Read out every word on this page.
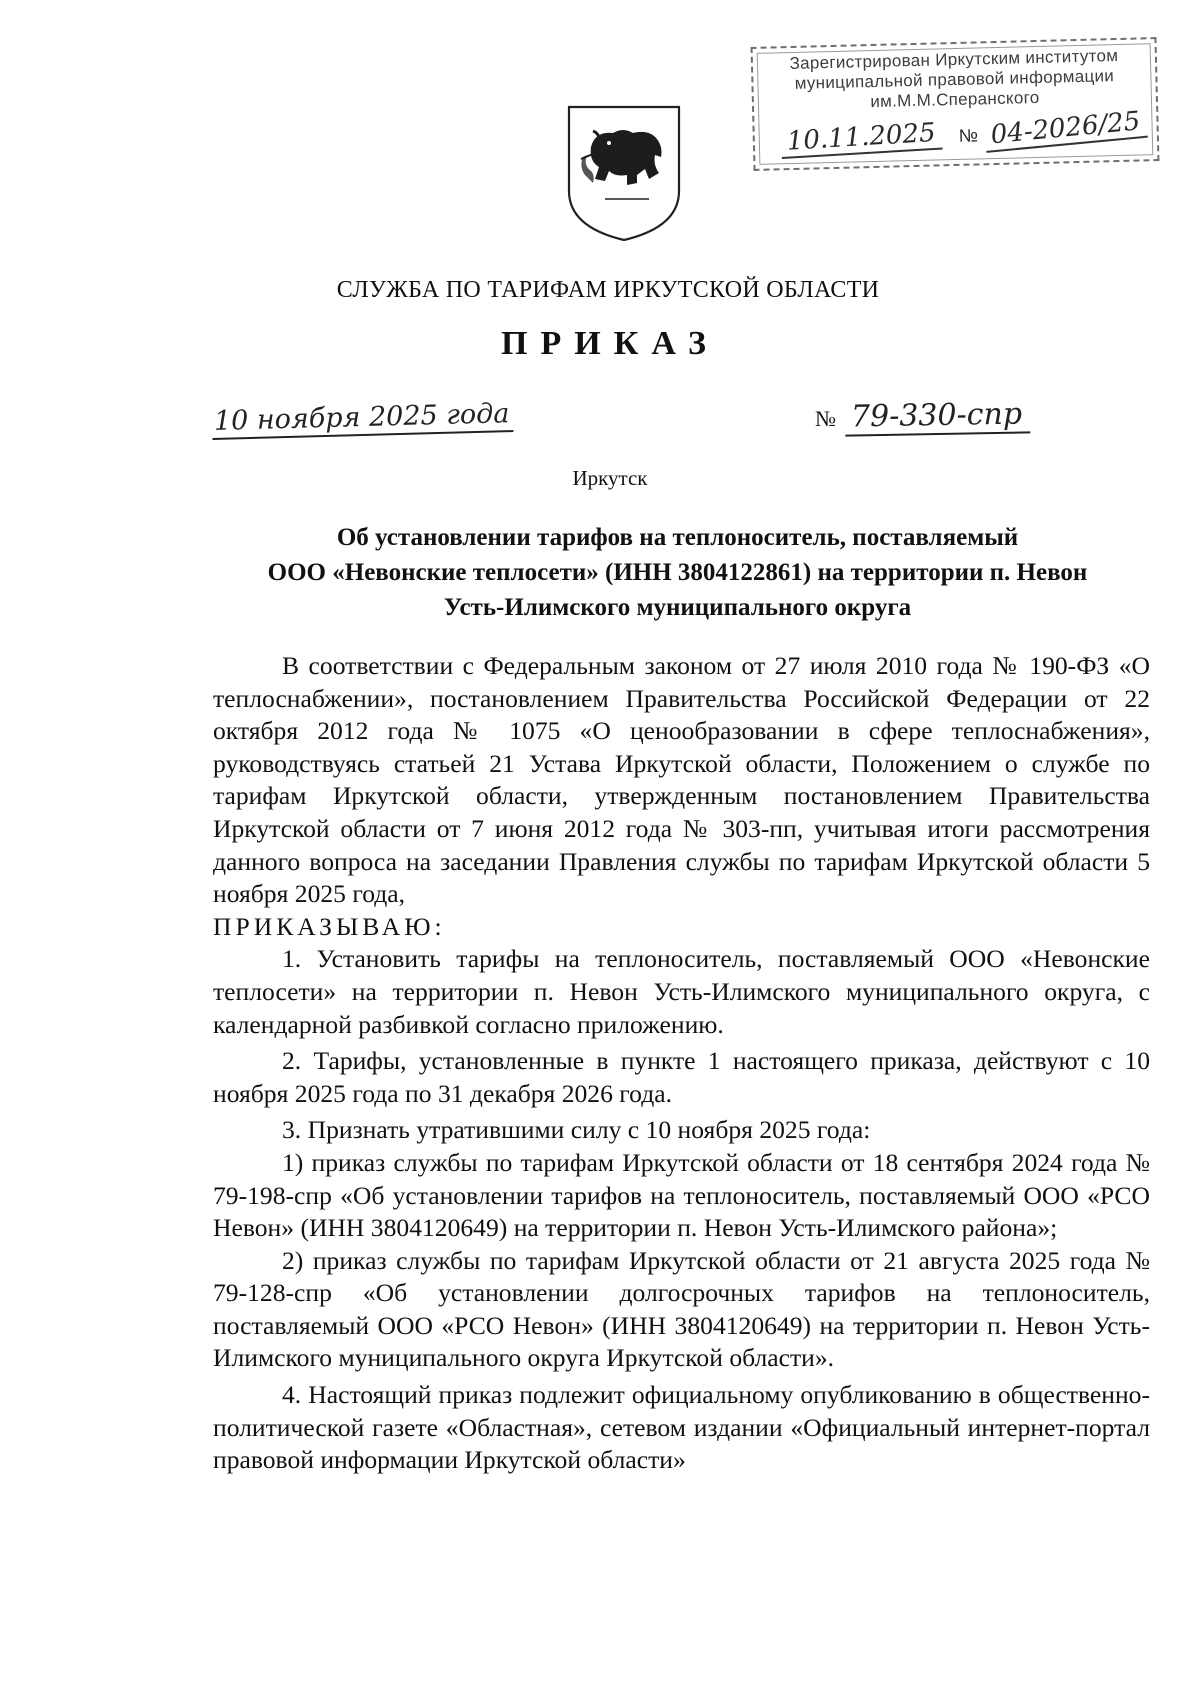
Зарегистрирован Иркутским институтом
муниципальной правовой информации
им.М.М.Сперанского
10.11.2025	№ 04-2026/25
СЛУЖБА ПО ТАРИФАМ ИРКУТСКОЙ ОБЛАСТИ
ПРИКАЗ
10 ноября 2025 года	№ 79-330-спр
Иркутск
Об установлении тарифов на теплоноситель, поставляемый
ООО «Невонские теплосети» (ИНН 3804122861) на территории п. Невон
Усть-Илимского муниципального округа

В соответствии с Федеральным законом от 27 июля 2010 года № 190-ФЗ «О теплоснабжении», постановлением Правительства Российской Федерации от 22 октября 2012 года № 1075 «О ценообразовании в сфере теплоснабжения», руководствуясь статьей 21 Устава Иркутской области, Положением о службе по тарифам Иркутской области, утвержденным постановлением Правительства Иркутской области от 7 июня 2012 года № 303-пп, учитывая итоги рассмотрения данного вопроса на заседании Правления службы по тарифам Иркутской области 5 ноября 2025 года,

ПРИКАЗЫВАЮ:

1. Установить тарифы на теплоноситель, поставляемый ООО «Невонские теплосети» на территории п. Невон Усть-Илимского муниципального округа, с календарной разбивкой согласно приложению.

2. Тарифы, установленные в пункте 1 настоящего приказа, действуют с 10 ноября 2025 года по 31 декабря 2026 года.

3. Признать утратившими силу с 10 ноября 2025 года:

1) приказ службы по тарифам Иркутской области от 18 сентября 2024 года № 79-198-спр «Об установлении тарифов на теплоноситель, поставляемый ООО «РСО Невон» (ИНН 3804120649) на территории п. Невон Усть-Илимского района»;

2) приказ службы по тарифам Иркутской области от 21 августа 2025 года № 79-128-спр «Об установлении долгосрочных тарифов на теплоноситель, поставляемый ООО «РСО Невон» (ИНН 3804120649) на территории п. Невон Усть-Илимского муниципального округа Иркутской области».

4. Настоящий приказ подлежит официальному опубликованию в общественно-политической газете «Областная», сетевом издании «Официальный интернет-портал правовой информации Иркутской области»
